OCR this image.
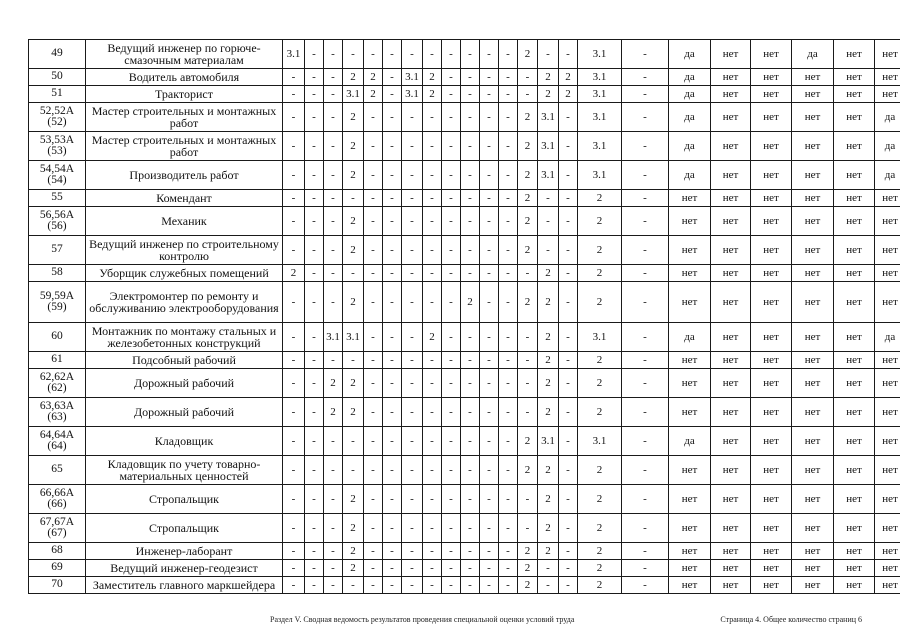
49	Ведущий инженер по горюче-смазочным материалам	3.1	-	-	-	-	-	-	-	-	-	-	-	2	-	-	3.1	-	да	нет	нет	да	нет	нет
50	Водитель автомобиля	-	-	-	2	2	-	3.1	2	-	-	-	-	-	2	2	3.1	-	да	нет	нет	нет	нет	нет
51	Тракторист	-	-	-	3.1	2	-	3.1	2	-	-	-	-	-	2	2	3.1	-	да	нет	нет	нет	нет	нет
52,52А (52)	Мастер строительных и монтажных работ	-	-	-	2	-	-	-	-	-	-	-	-	2	3.1	-	3.1	-	да	нет	нет	нет	нет	да
53,53А (53)	Мастер строительных и монтажных работ	-	-	-	2	-	-	-	-	-	-	-	-	2	3.1	-	3.1	-	да	нет	нет	нет	нет	да
54,54А (54)	Производитель работ	-	-	-	2	-	-	-	-	-	-	-	-	2	3.1	-	3.1	-	да	нет	нет	нет	нет	да
55	Комендант	-	-	-	-	-	-	-	-	-	-	-	-	2	-	-	2	-	нет	нет	нет	нет	нет	нет
56,56А (56)	Механик	-	-	-	2	-	-	-	-	-	-	-	-	2	-	-	2	-	нет	нет	нет	нет	нет	нет
57	Ведущий инженер по строительному контролю	-	-	-	2	-	-	-	-	-	-	-	-	2	-	-	2	-	нет	нет	нет	нет	нет	нет
58	Уборщик служебных помещений	2	-	-	-	-	-	-	-	-	-	-	-	-	2	-	2	-	нет	нет	нет	нет	нет	нет
59,59А (59)	Электромонтер по ремонту и обслуживанию электрооборудования	-	-	-	2	-	-	-	-	-	2	-	-	2	2	-	2	-	нет	нет	нет	нет	нет	нет
60	Монтажник по монтажу стальных и железобетонных конструкций	-	-	3.1	3.1	-	-	-	2	-	-	-	-	-	2	-	3.1	-	да	нет	нет	нет	нет	да
61	Подсобный рабочий	-	-	-	-	-	-	-	-	-	-	-	-	-	2	-	2	-	нет	нет	нет	нет	нет	нет
62,62А (62)	Дорожный рабочий	-	-	2	2	-	-	-	-	-	-	-	-	-	2	-	2	-	нет	нет	нет	нет	нет	нет
63,63А (63)	Дорожный рабочий	-	-	2	2	-	-	-	-	-	-	-	-	-	2	-	2	-	нет	нет	нет	нет	нет	нет
64,64А (64)	Кладовщик	-	-	-	-	-	-	-	-	-	-	-	-	2	3.1	-	3.1	-	да	нет	нет	нет	нет	нет
65	Кладовщик по учету товарно-материальных ценностей	-	-	-	-	-	-	-	-	-	-	-	-	2	2	-	2	-	нет	нет	нет	нет	нет	нет
66,66А (66)	Стропальщик	-	-	-	2	-	-	-	-	-	-	-	-	-	2	-	2	-	нет	нет	нет	нет	нет	нет
67,67А (67)	Стропальщик	-	-	-	2	-	-	-	-	-	-	-	-	-	2	-	2	-	нет	нет	нет	нет	нет	нет
68	Инженер-лаборант	-	-	-	2	-	-	-	-	-	-	-	-	2	2	-	2	-	нет	нет	нет	нет	нет	нет
69	Ведущий инженер-геодезист	-	-	-	2	-	-	-	-	-	-	-	-	2	-	-	2	-	нет	нет	нет	нет	нет	нет
70	Заместитель главного маркшейдера	-	-	-	-	-	-	-	-	-	-	-	-	2	-	-	2	-	нет	нет	нет	нет	нет	нет
Раздел V. Сводная ведомость результатов проведения специальной оценки условий труда	Страница 4. Общее количество страниц 6
